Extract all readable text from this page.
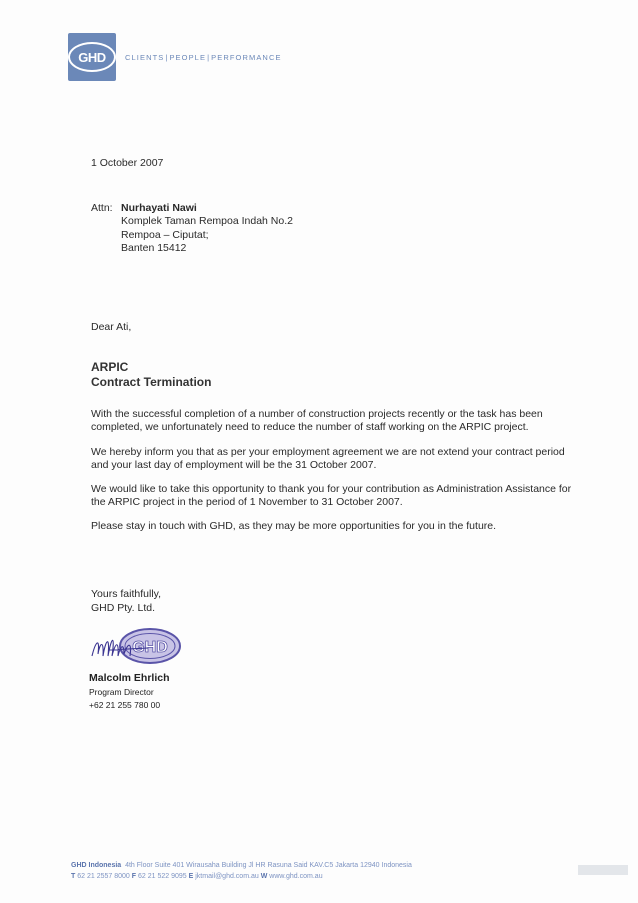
GHD	CLIENTS|PEOPLE|PERFORMANCE
1 October 2007
Attn: Nurhayati Nawi
Komplek Taman Rempoa Indah No.2
Rempoa – Ciputat;
Banten 15412
Dear Ati,
ARPIC
Contract Termination
With the successful completion of a number of construction projects recently or the task has been
completed, we unfortunately need to reduce the number of staff working on the ARPIC project.
We hereby inform you that as per your employment agreement we are not extend your contract period
and your last day of employment will be the 31 October 2007.
We would like to take this opportunity to thank you for your contribution as Administration Assistance for
the ARPIC project in the period of 1 November to 31 October 2007.
Please stay in touch with GHD, as they may be more opportunities for you in the future.
Yours faithfully,
GHD Pty. Ltd.
GHD
Malcolm Ehrlich
Program Director
+62 21 255 780 00
GHD Indonesia 4th Floor Suite 401 Wirausaha Building Jl HR Rasuna Said KAV.C5 Jakarta 12940 Indonesia
T 62 21 2557 8000 F 62 21 522 9095 E jktmail@ghd.com.au W www.ghd.com.au
